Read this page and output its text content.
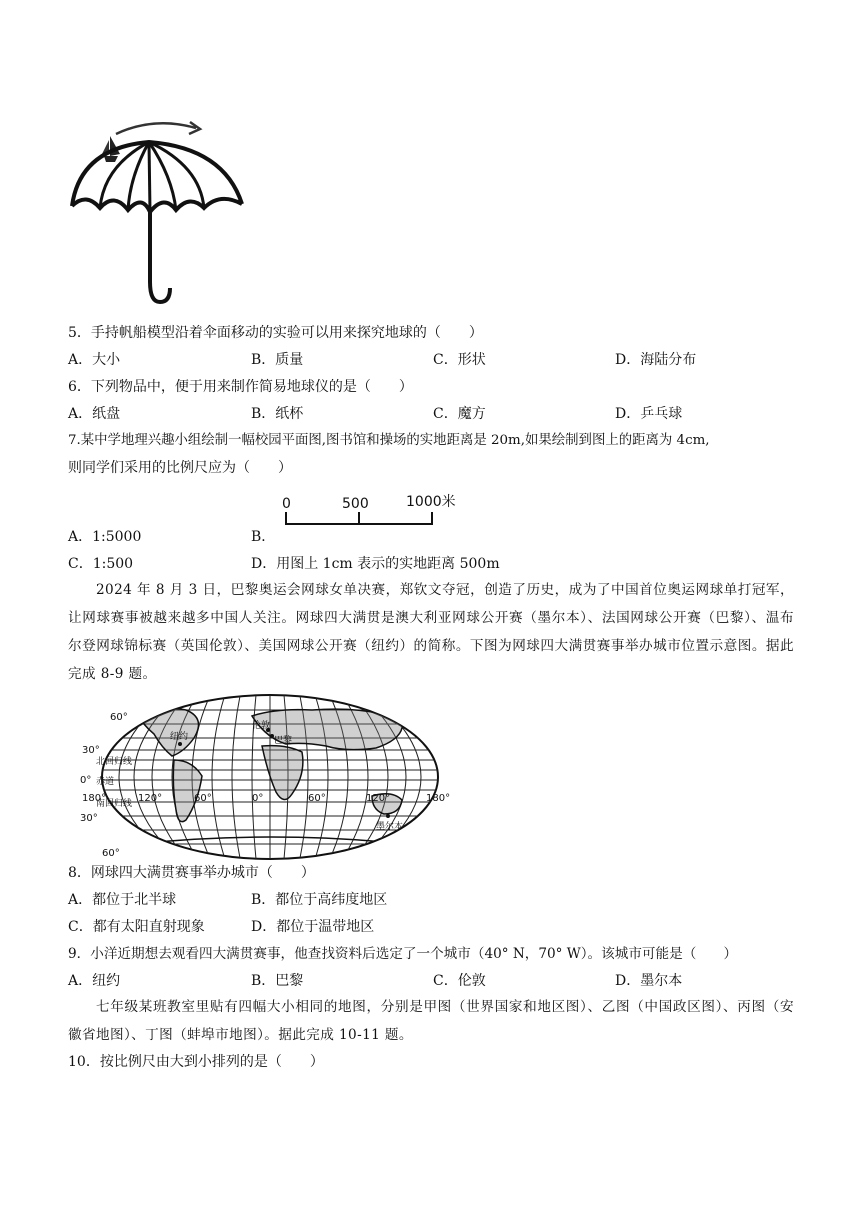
5．手持帆船模型沿着伞面移动的实验可以用来探究地球的（　　）
A．大小	B．质量	C．形状	D．海陆分布
6．下列物品中，便于用来制作简易地球仪的是（　　）
A．纸盘	B．纸杯	C．魔方	D．乒乓球
7.某中学地理兴趣小组绘制一幅校园平面图,图书馆和操场的实地距离是 20m,如果绘制到图上的距离为 4cm,
则同学们采用的比例尺应为（　　）
0	500	1000米
A．1:5000	B．
C．1:500	D．用图上 1cm 表示的实地距离 500m
2024 年 8 月 3 日，巴黎奥运会网球女单决赛，郑钦文夺冠，创造了历史，成为了中国首位奥运网球单打冠军，让网球赛事被越来越多中国人关注。网球四大满贯是澳大利亚网球公开赛（墨尔本）、法国网球公开赛（巴黎）、温布尔登网球锦标赛（英国伦敦）、美国网球公开赛（纽约）的简称。下图为网球四大满贯赛事举办城市位置示意图。据此完成 8-9 题。
60°
30°
0°
30°
60°
北回归线
赤道
南回归线
180°	120°	60°	0°	60°	120°	180°
纽约
伦敦
巴黎
墨尔本
8．网球四大满贯赛事举办城市（　　）
A．都位于北半球	B．都位于高纬度地区
C．都有太阳直射现象	D．都位于温带地区
9．小洋近期想去观看四大满贯赛事，他查找资料后选定了一个城市（40° N，70° W）。该城市可能是（　　）
A．纽约	B．巴黎	C．伦敦	D．墨尔本
七年级某班教室里贴有四幅大小相同的地图，分别是甲图（世界国家和地区图）、乙图（中国政区图）、丙图（安徽省地图）、丁图（蚌埠市地图）。据此完成 10-11 题。
10．按比例尺由大到小排列的是（　　）
